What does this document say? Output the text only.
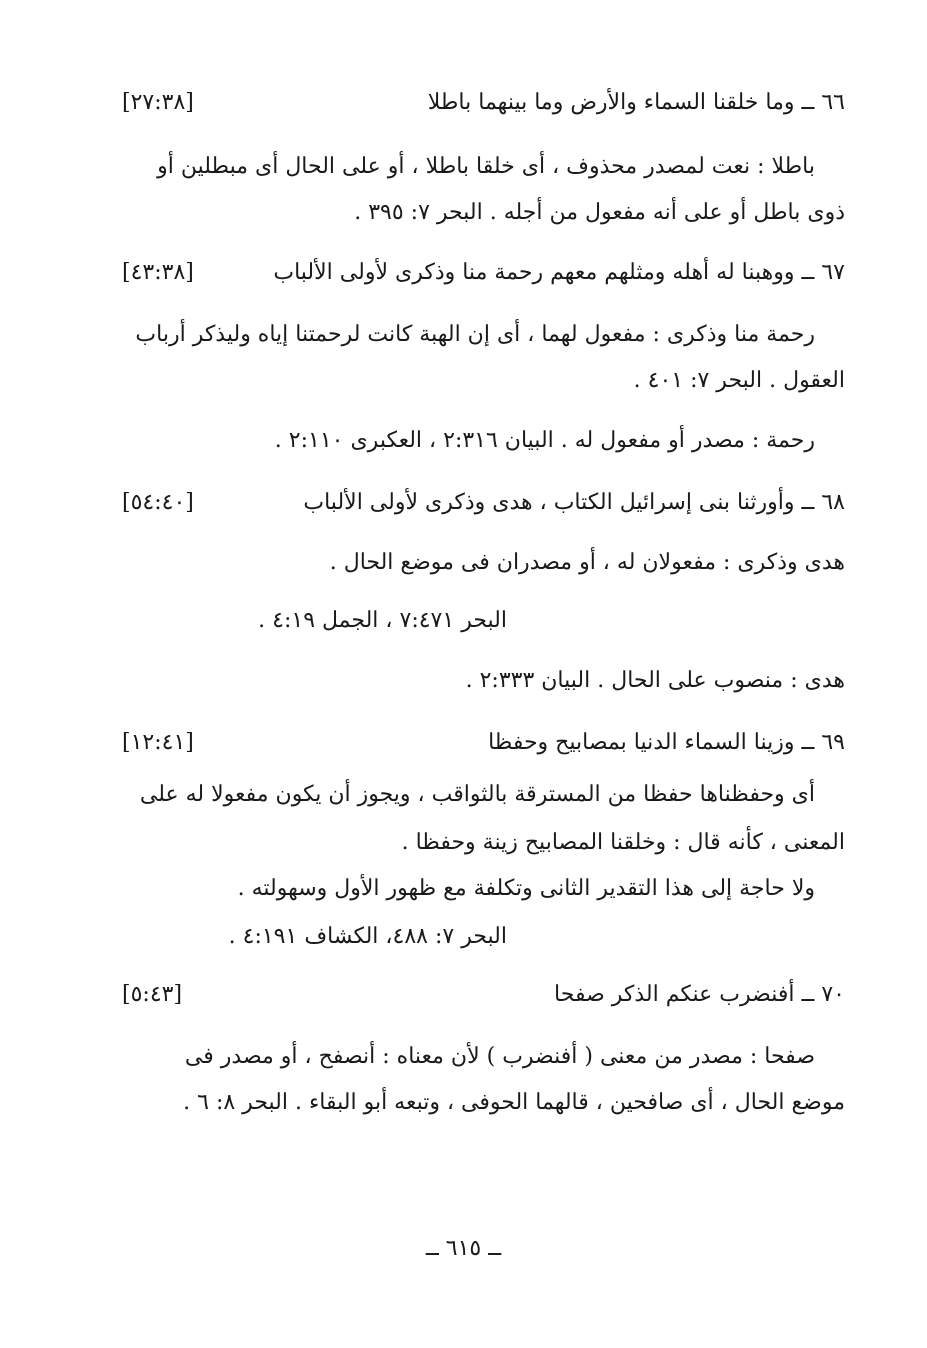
٦٦ ــ وما خلقنا السماء والأرض وما بينهما باطلا
[٢٧:٣٨]
باطلا : نعت لمصدر محذوف ، أى خلقا باطلا ، أو على الحال أى مبطلين أو
ذوى باطل أو على أنه مفعول من أجله . البحر ٧: ٣٩٥ .
٦٧ ــ ووهبنا له أهله ومثلهم معهم رحمة منا وذكرى لأولى الألباب
[٤٣:٣٨]
رحمة منا وذكرى : مفعول لهما ، أى إن الهبة كانت لرحمتنا إياه وليذكر أرباب
العقول . البحر ٧: ٤٠١ .
رحمة : مصدر أو مفعول له . البيان ٢:٣١٦ ، العكبرى ٢:١١٠ .
٦٨ ــ وأورثنا بنى إسرائيل الكتاب ، هدى وذكرى لأولى الألباب
[٥٤:٤٠]
هدى وذكرى : مفعولان له ، أو مصدران فى موضع الحال .
البحر ٧:٤٧١ ، الجمل ٤:١٩ .
هدى : منصوب على الحال . البيان ٢:٣٣٣ .
٦٩ ــ وزينا السماء الدنيا بمصابيح وحفظا
[١٢:٤١]
أى وحفظناها حفظا من المسترقة بالثواقب ، ويجوز أن يكون مفعولا له على
المعنى ، كأنه قال : وخلقنا المصابيح زينة وحفظا .
ولا حاجة إلى هذا التقدير الثانى وتكلفة مع ظهور الأول وسهولته .
البحر ٧: ٤٨٨، الكشاف ٤:١٩١ .
٧٠ ــ أفنضرب عنكم الذكر صفحا
[٥:٤٣]
صفحا : مصدر من معنى ( أفنضرب ) لأن معناه : أنصفح ، أو مصدر فى
موضع الحال ، أى صافحين ، قالهما الحوفى ، وتبعه أبو البقاء . البحر ٨: ٦ .
ــ ٦١٥ ــ
